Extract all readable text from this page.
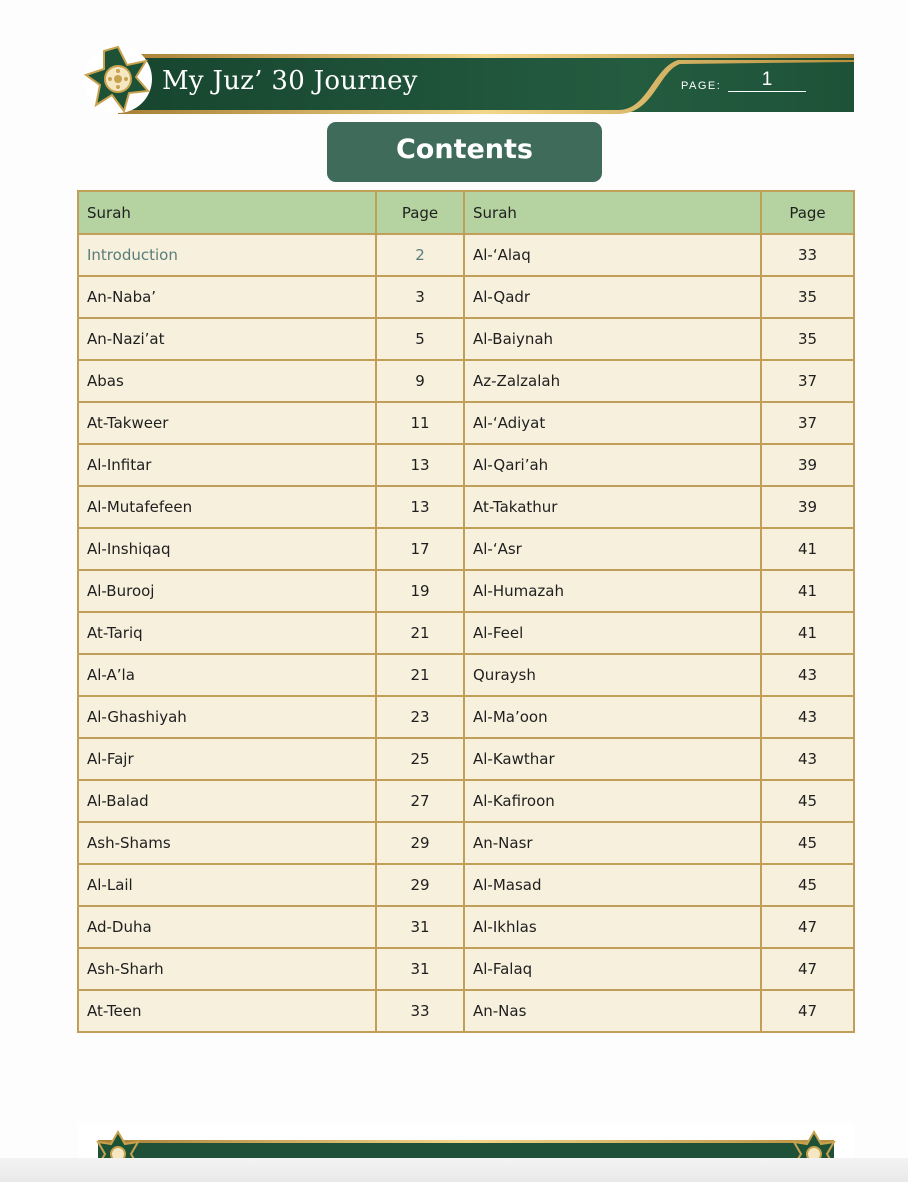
My Juz’ 30 Journey	PAGE:	1
Contents
Surah	Page	Surah	Page
Introduction	2	Al-‘Alaq	33
An-Naba’	3	Al-Qadr	35
An-Nazi’at	5	Al-Baiynah	35
Abas	9	Az-Zalzalah	37
At-Takweer	11	Al-‘Adiyat	37
Al-Infitar	13	Al-Qari’ah	39
Al-Mutafefeen	13	At-Takathur	39
Al-Inshiqaq	17	Al-‘Asr	41
Al-Burooj	19	Al-Humazah	41
At-Tariq	21	Al-Feel	41
Al-A’la	21	Quraysh	43
Al-Ghashiyah	23	Al-Ma’oon	43
Al-Fajr	25	Al-Kawthar	43
Al-Balad	27	Al-Kafiroon	45
Ash-Shams	29	An-Nasr	45
Al-Lail	29	Al-Masad	45
Ad-Duha	31	Al-Ikhlas	47
Ash-Sharh	31	Al-Falaq	47
At-Teen	33	An-Nas	47
